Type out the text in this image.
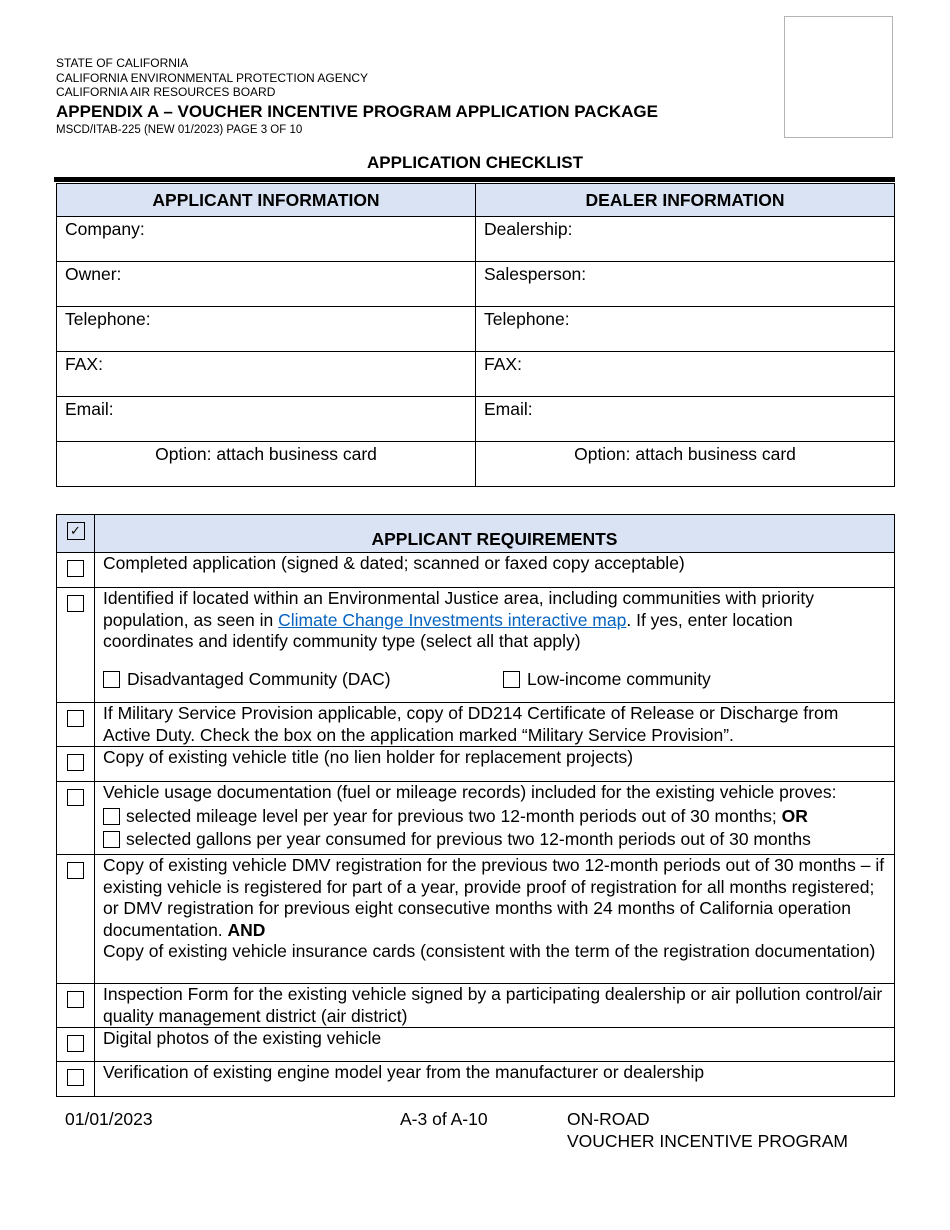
STATE OF CALIFORNIA
CALIFORNIA ENVIRONMENTAL PROTECTION AGENCY
CALIFORNIA AIR RESOURCES BOARD
APPENDIX A – VOUCHER INCENTIVE PROGRAM APPLICATION PACKAGE
MSCD/ITAB-225 (NEW 01/2023) PAGE 3 OF 10
APPLICATION CHECKLIST
APPLICANT INFORMATION	DEALER INFORMATION
Company:	Dealership:
Owner:	Salesperson:
Telephone:	Telephone:
FAX:	FAX:
Email:	Email:
Option: attach business card	Option: attach business card
✓	APPLICANT REQUIREMENTS
	Completed application (signed & dated; scanned or faxed copy acceptable)
	Identified if located within an Environmental Justice area, including communities with priority population, as seen in Climate Change Investments interactive map. If yes, enter location coordinates and identify community type (select all that apply)
Disadvantaged Community (DAC) Low-income community

	If Military Service Provision applicable, copy of DD214 Certificate of Release or Discharge from Active Duty. Check the box on the application marked “Military Service Provision”.
	Copy of existing vehicle title (no lien holder for replacement projects)

	Vehicle usage documentation (fuel or mileage records) included for the existing vehicle proves:
selected mileage level per year for previous two 12-month periods out of 30 months; OR
selected gallons per year consumed for previous two 12-month periods out of 30 months

	Copy of existing vehicle DMV registration for the previous two 12-month periods out of 30 months – if existing vehicle is registered for part of a year, provide proof of registration for all months registered; or DMV registration for previous eight consecutive months with 24 months of California operation documentation. AND
Copy of existing vehicle insurance cards (consistent with the term of the registration documentation)

	Inspection Form for the existing vehicle signed by a participating dealership or air pollution control/air quality management district (air district)
	Digital photos of the existing vehicle
	Verification of existing engine model year from the manufacturer or dealership
01/01/2023	A-3 of A-10	ON-ROAD
VOUCHER INCENTIVE PROGRAM
